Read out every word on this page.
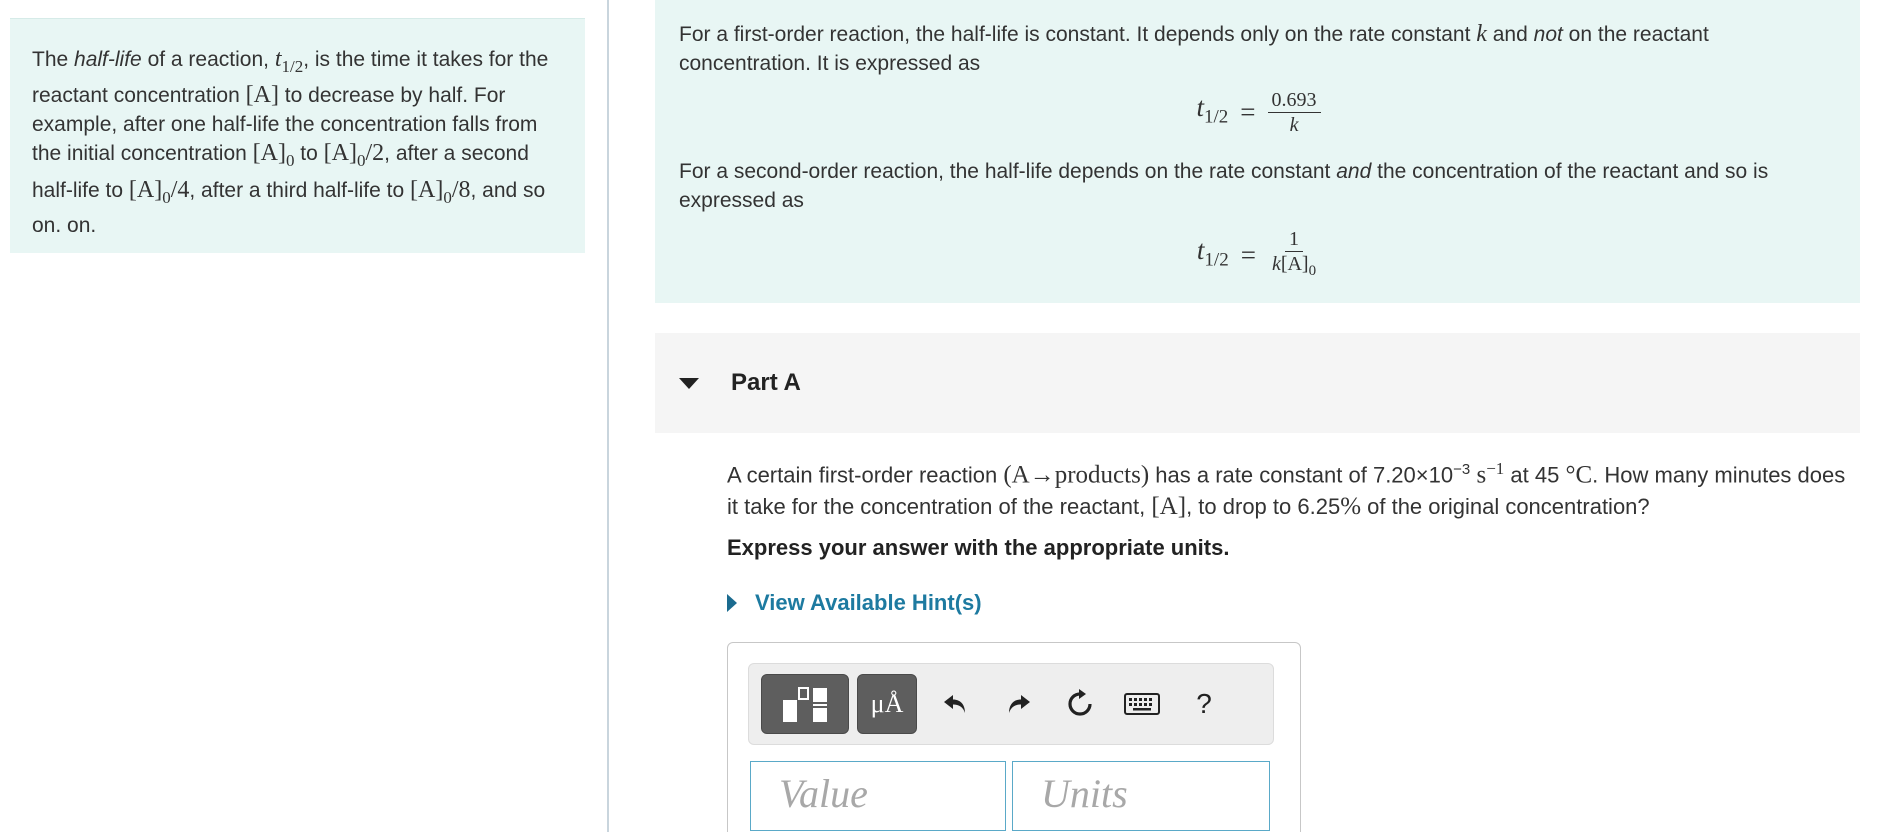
The half-life of a reaction, $t_{1/2}$, is the time it takes for the reactant concentration [A] to decrease by half. For example, after one half-life the concentration falls from the initial concentration $[A]_0$ to $[A]_0/2$, after a second half-life to $[A]_0/4$, after a third half-life to $[A]_0/8$, and so on. on.

For a first-order reaction, the half-life is constant. It depends only on the rate constant k and not on the reactant concentration. It is expressed as

$t_{1/2} = \frac{0.693}{k}$

For a second-order reaction, the half-life depends on the rate constant and the concentration of the reactant and so is expressed as

$t_{1/2} = \frac{1}{k[A]_0}$
Part A

A certain first-order reaction (A→products) has a rate constant of $7.20\times 10^{-3}$ $s^{-1}$ at 45 °C. How many minutes does it take for the concentration of the reactant, [A], to drop to 6.25% of the original concentration?

Express your answer with the appropriate units.
View Available Hint(s)
μÅ	?
Value	Units
